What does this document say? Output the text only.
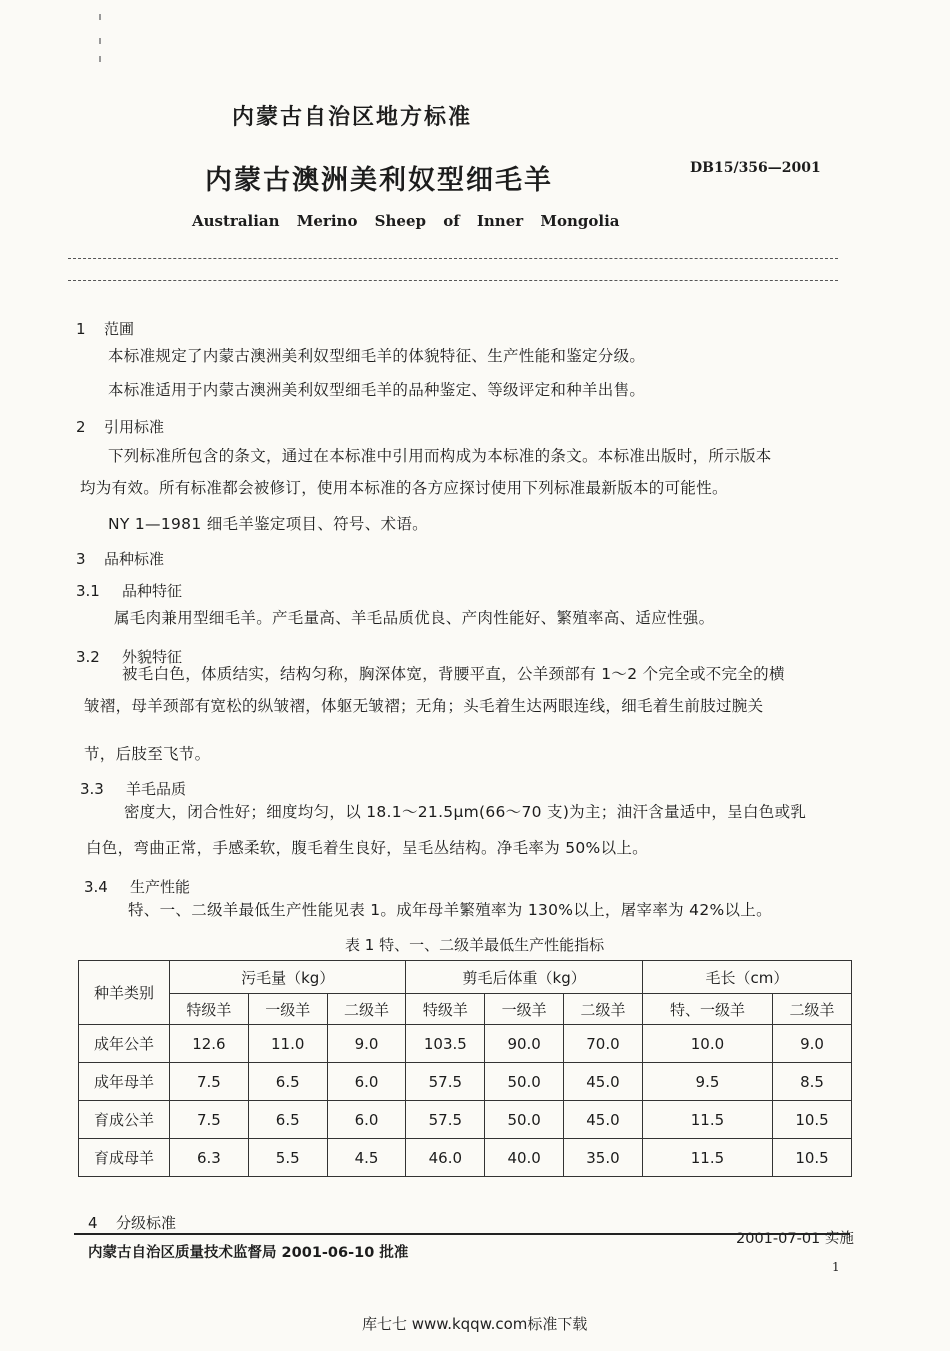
内蒙古自治区地方标准
内蒙古澳洲美利奴型细毛羊	DB15/356—2001
Australian Merino Sheep of Inner Mongolia
1 范圃
本标准规定了内蒙古澳洲美利奴型细毛羊的体貌特征、生产性能和鉴定分级。
本标准适用于内蒙古澳洲美利奴型细毛羊的品种鉴定、等级评定和种羊出售。
2 引用标准
下列标准所包含的条文，通过在本标准中引用而构成为本标准的条文。本标准出版时，所示版本
均为有效。所有标准都会被修订，使用本标准的各方应探讨使用下列标准最新版本的可能性。
NY 1—1981 细毛羊鉴定项目、符号、术语。
3 品种标准
3.1 品种特征
属毛肉兼用型细毛羊。产毛量高、羊毛品质优良、产肉性能好、繁殖率高、适应性强。
3.2 外貌特征
被毛白色，体质结实，结构匀称，胸深体宽，背腰平直，公羊颈部有 1～2 个完全或不完全的横
皱褶，母羊颈部有宽松的纵皱褶，体躯无皱褶；无角；头毛着生达两眼连线，细毛着生前肢过腕关
节，后肢至飞节。
3.3 羊毛品质
密度大，闭合性好；细度均匀，以 18.1～21.5μm(66～70 支)为主；油汗含量适中，呈白色或乳
白色，弯曲正常，手感柔软，腹毛着生良好，呈毛丛结构。净毛率为 50%以上。
3.4 生产性能
特、一、二级羊最低生产性能见表 1。成年母羊繁殖率为 130%以上，屠宰率为 42%以上。
表 1 特、一、二级羊最低生产性能指标
种羊类别	污毛量（kg）			剪毛后体重（kg）			毛长（cm）	
	特级羊	一级羊	二级羊	特级羊	一级羊	二级羊	特、一级羊	二级羊
成年公羊	12.6	11.0	9.0	103.5	90.0	70.0	10.0	9.0
成年母羊	7.5	6.5	6.0	57.5	50.0	45.0	9.5	8.5
育成公羊	7.5	6.5	6.0	57.5	50.0	45.0	11.5	10.5
育成母羊	6.3	5.5	4.5	46.0	40.0	35.0	11.5	10.5
4 分级标准
2001-07-01 实施
内蒙古自治区质量技术监督局 2001-06-10 批准
1
库七七 www.kqqw.com标准下载
